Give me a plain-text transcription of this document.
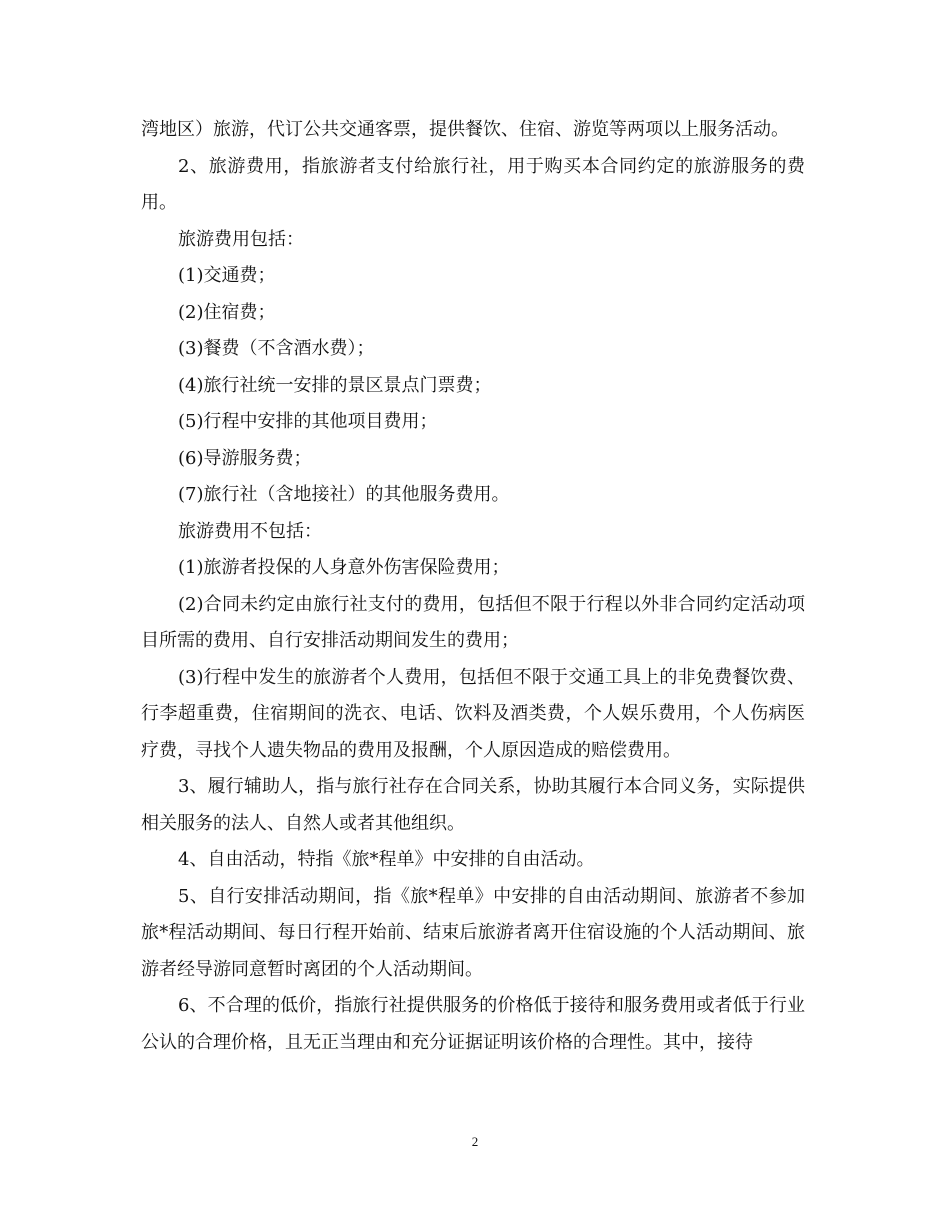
湾地区）旅游，代订公共交通客票，提供餐饮、住宿、游览等两项以上服务活动。

2、旅游费用，指旅游者支付给旅行社，用于购买本合同约定的旅游服务的费用。

旅游费用包括：

(1)交通费；

(2)住宿费；

(3)餐费（不含酒水费）；

(4)旅行社统一安排的景区景点门票费；

(5)行程中安排的其他项目费用；

(6)导游服务费；

(7)旅行社（含地接社）的其他服务费用。

旅游费用不包括：

(1)旅游者投保的人身意外伤害保险费用；

(2)合同未约定由旅行社支付的费用，包括但不限于行程以外非合同约定活动项目所需的费用、自行安排活动期间发生的费用；

(3)行程中发生的旅游者个人费用，包括但不限于交通工具上的非免费餐饮费、行李超重费，住宿期间的洗衣、电话、饮料及酒类费，个人娱乐费用，个人伤病医疗费，寻找个人遗失物品的费用及报酬，个人原因造成的赔偿费用。

3、履行辅助人，指与旅行社存在合同关系，协助其履行本合同义务，实际提供相关服务的法人、自然人或者其他组织。

4、自由活动，特指《旅*程单》中安排的自由活动。

5、自行安排活动期间，指《旅*程单》中安排的自由活动期间、旅游者不参加旅*程活动期间、每日行程开始前、结束后旅游者离开住宿设施的个人活动期间、旅游者经导游同意暂时离团的个人活动期间。

6、不合理的低价，指旅行社提供服务的价格低于接待和服务费用或者低于行业公认的合理价格，且无正当理由和充分证据证明该价格的合理性。其中，接待

2
